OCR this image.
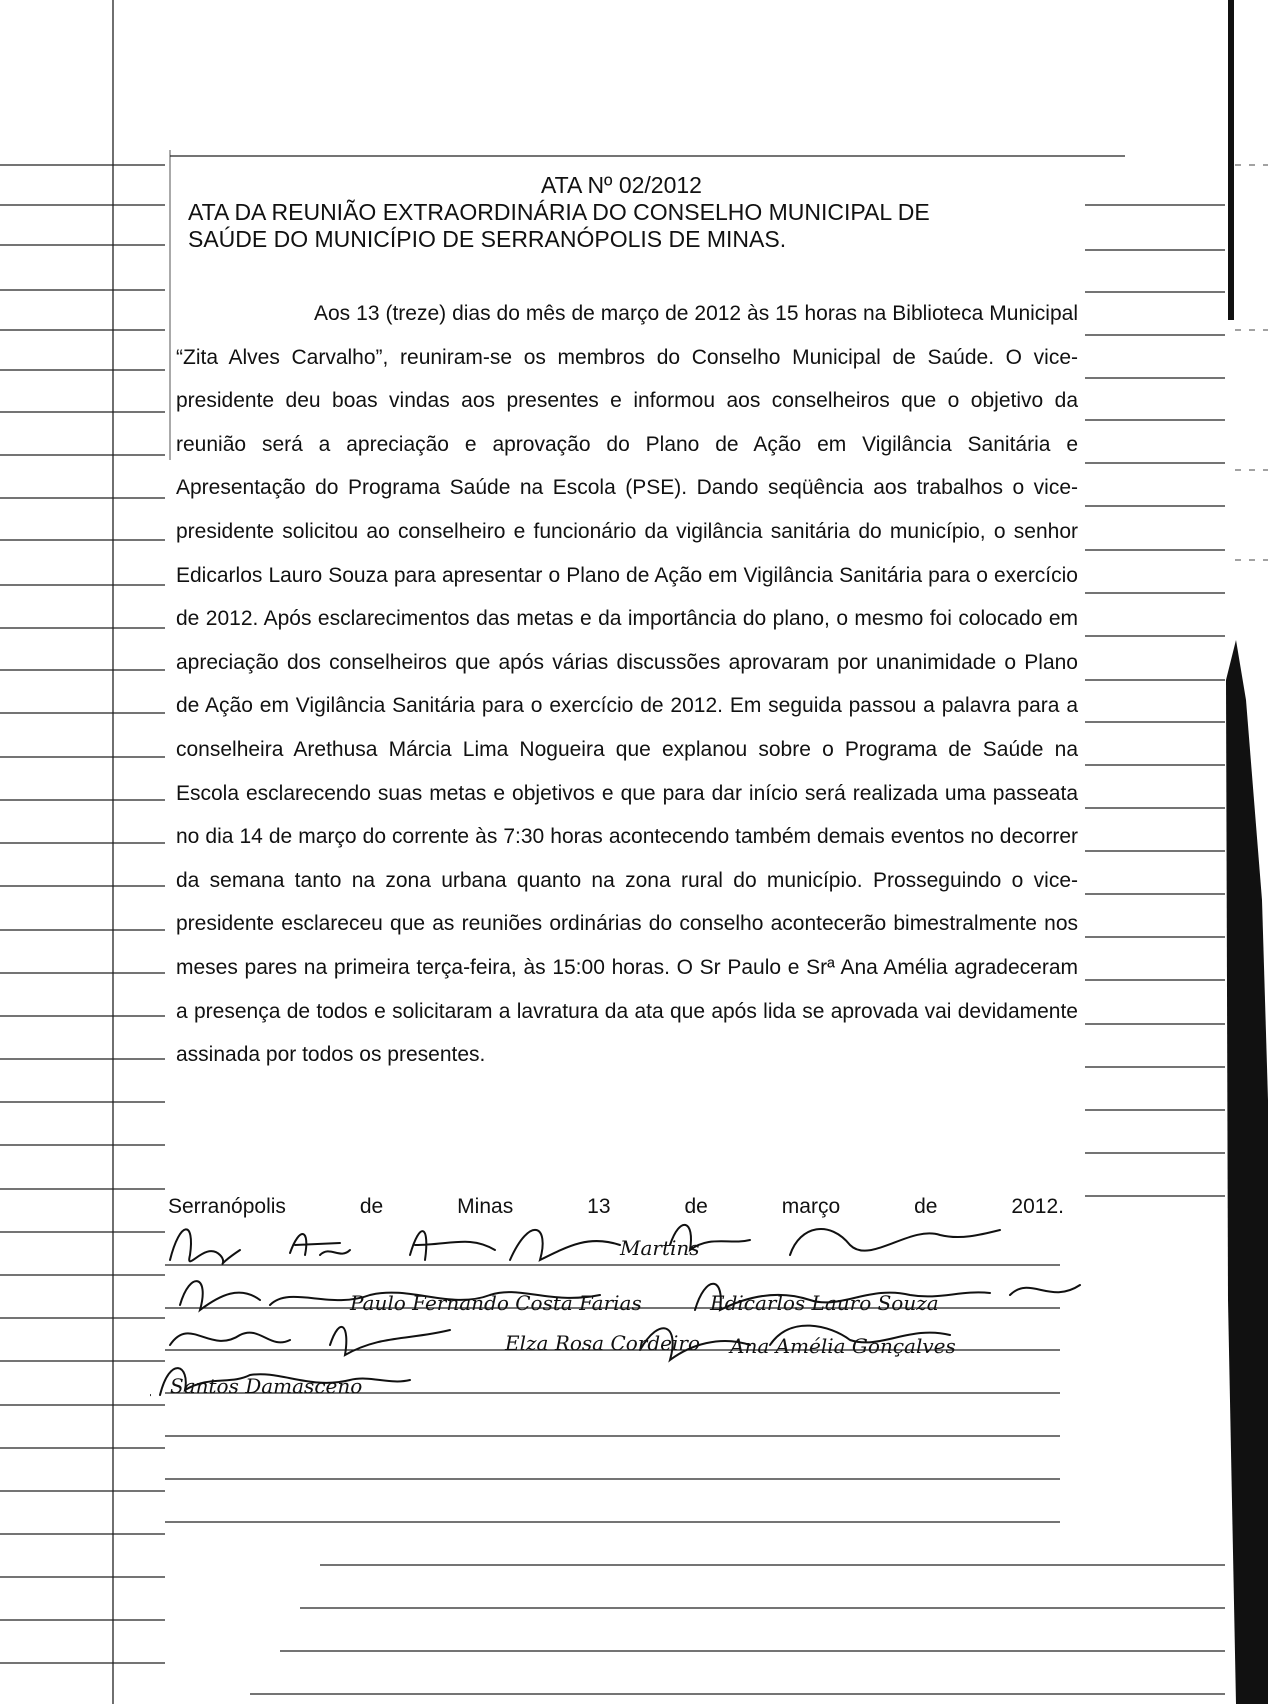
ATA Nº 02/2012
ATA DA REUNIÃO EXTRAORDINÁRIA DO CONSELHO MUNICIPAL DE
SAÚDE DO MUNICÍPIO DE SERRANÓPOLIS DE MINAS.

Aos 13 (treze) dias do mês de março de 2012 às 15 horas na Biblioteca Municipal “Zita Alves Carvalho”, reuniram-se os membros do Conselho Municipal de Saúde. O vice-presidente deu boas vindas aos presentes e informou aos conselheiros que o objetivo da reunião será a apreciação e aprovação do Plano de Ação em Vigilância Sanitária e Apresentação do Programa Saúde na Escola (PSE). Dando seqüência aos trabalhos o vice-presidente solicitou ao conselheiro e funcionário da vigilância sanitária do município, o senhor Edicarlos Lauro Souza para apresentar o Plano de Ação em Vigilância Sanitária para o exercício de 2012. Após esclarecimentos das metas e da importância do plano, o mesmo foi colocado em apreciação dos conselheiros que após várias discussões aprovaram por unanimidade o Plano de Ação em Vigilância Sanitária para o exercício de 2012. Em seguida passou a palavra para a conselheira Arethusa Márcia Lima Nogueira que explanou sobre o Programa de Saúde na Escola esclarecendo suas metas e objetivos e que para dar início será realizada uma passeata no dia 14 de março do corrente às 7:30 horas acontecendo também demais eventos no decorrer da semana tanto na zona urbana quanto na zona rural do município. Prosseguindo o vice-presidente esclareceu que as reuniões ordinárias do conselho acontecerão bimestralmente nos meses pares na primeira terça-feira, às 15:00 horas. O Sr Paulo e Srª Ana Amélia agradeceram a presença de todos e solicitaram a lavratura da ata que após lida se aprovada vai devidamente assinada por todos os presentes.

Serranópolis	de	Minas	13	de	março	de	2012.
Martins
Paulo Fernando Costa Farias	Edicarlos Lauro Souza
Elza Rosa Cordeiro Ana Amélia Gonçalves
Santos Damasceno
